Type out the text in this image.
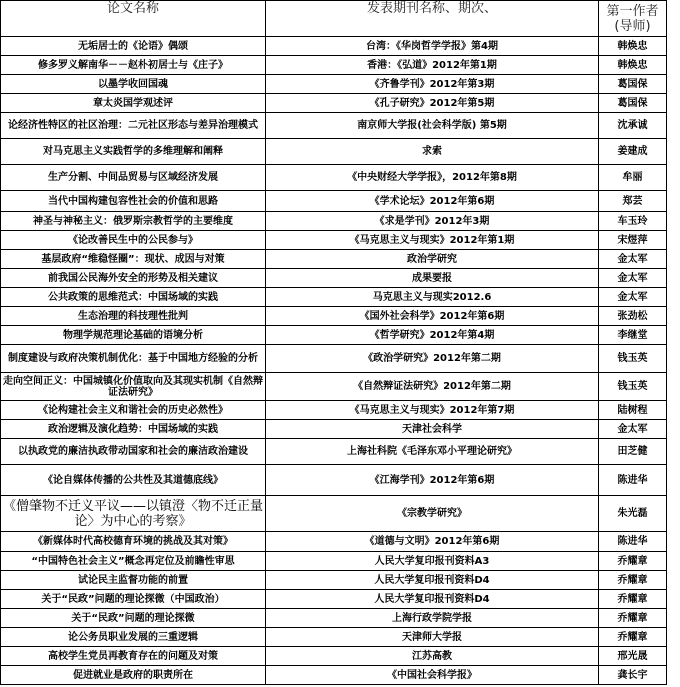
论文名称	发表期刊名称、期次、	第一作者
(导师)

无垢居士的《论语》偶颂	台湾：《华岗哲学学报》第4期	韩焕忠
修多罗义解南华－－赵朴初居士与《庄子》	香港：《弘道》2012年第1期	韩焕忠
以墨学收回国魂	《齐鲁学刊》2012年第3期	葛国保
章太炎国学观述评	《孔子研究》2012年第5期	葛国保
论经济性特区的社区治理：二元社区形态与差异治理模式	南京师大学报(社会科学版) 第5期	沈承诚
对马克思主义实践哲学的多维理解和阐释	求索	姜建成
生产分割、中间品贸易与区域经济发展	《中央财经大学学报》，2012年第8期	牟丽
当代中国构建包容性社会的价值和思路	《学术论坛》2012年第6期	郑芸
神圣与神秘主义：俄罗斯宗教哲学的主要维度	《求是学刊》2012年3期	车玉玲
《论改善民生中的公民参与》	《马克思主义与现实》2012年第1期	宋煜萍
基层政府“维稳怪圈”：现状、成因与对策	政治学研究	金太军
前我国公民海外安全的形势及相关建议	成果要报	金太军
公共政策的思维范式：中国场域的实践	马克思主义与现实2012.6	金太军
生态治理的科技理性批判	《国外社会科学》2012年第6期	张劲松
物理学规范理论基础的语境分析	《哲学研究》2012年第4期	李继堂
制度建设与政府决策机制优化：基于中国地方经验的分析	《政治学研究》2012年第二期	钱玉英
走向空间正义：中国城镇化价值取向及其现实机制《自然辩证法研究》	《自然辩证法研究》2012年第二期	钱玉英
《论构建社会主义和谐社会的历史必然性》	《马克思主义与现实》2012年第7期	陆树程
政治逻辑及演化趋势：中国场域的实践	天津社会科学	金太军
以执政党的廉洁执政带动国家和社会的廉洁政治建设	上海社科院《毛泽东邓小平理论研究》	田芝健
《论自媒体传播的公共性及其道德底线》	《江海学刊》2012年第6期	陈进华
《僧肇物不迁义平议——以镇澄〈物不迁正量论〉为中心的考察》	《宗教学研究》	朱光磊
《新媒体时代高校德育环境的挑战及其对策》	《道德与文明》2012年第6期	陈进华
“中国特色社会主义”概念再定位及前瞻性审思	人民大学复印报刊资料A3	乔耀章
试论民主监督功能的前置	人民大学复印报刊资料D4	乔耀章
关于“民政”问题的理论探微（中国政治）	人民大学复印报刊资料D4	乔耀章
关于“民政”问题的理论探微	上海行政学院学报	乔耀章
论公务员职业发展的三重逻辑	天津师大学报	乔耀章
高校学生党员再教育存在的问题及对策	江苏高教	邢光晟
促进就业是政府的职责所在	《中国社会科学报》	龚长宇
